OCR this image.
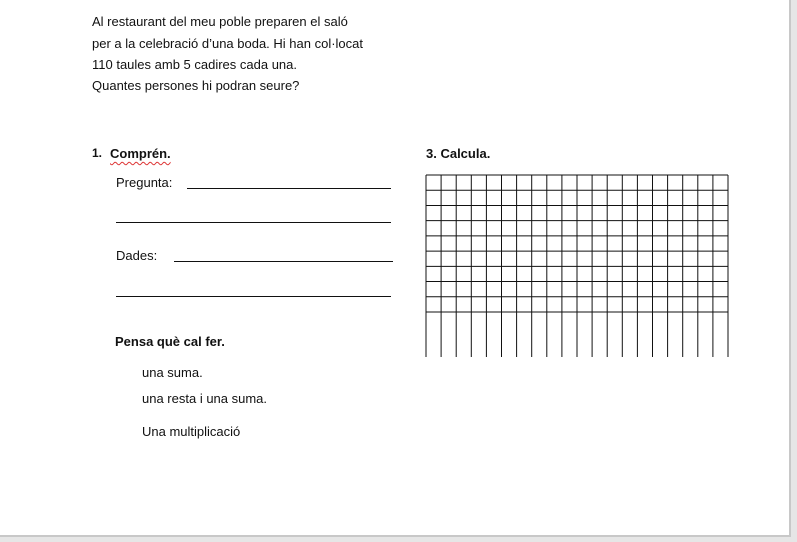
Al restaurant del meu poble preparen el saló
per a la celebració d’una boda. Hi han col·locat
110 taules amb 5 cadires cada una.
Quantes persones hi podran seure?
1. Comprén.
Pregunta:
Dades:
Pensa què cal fer.
una suma.
una resta i una suma.
Una multiplicació
3. Calcula.
